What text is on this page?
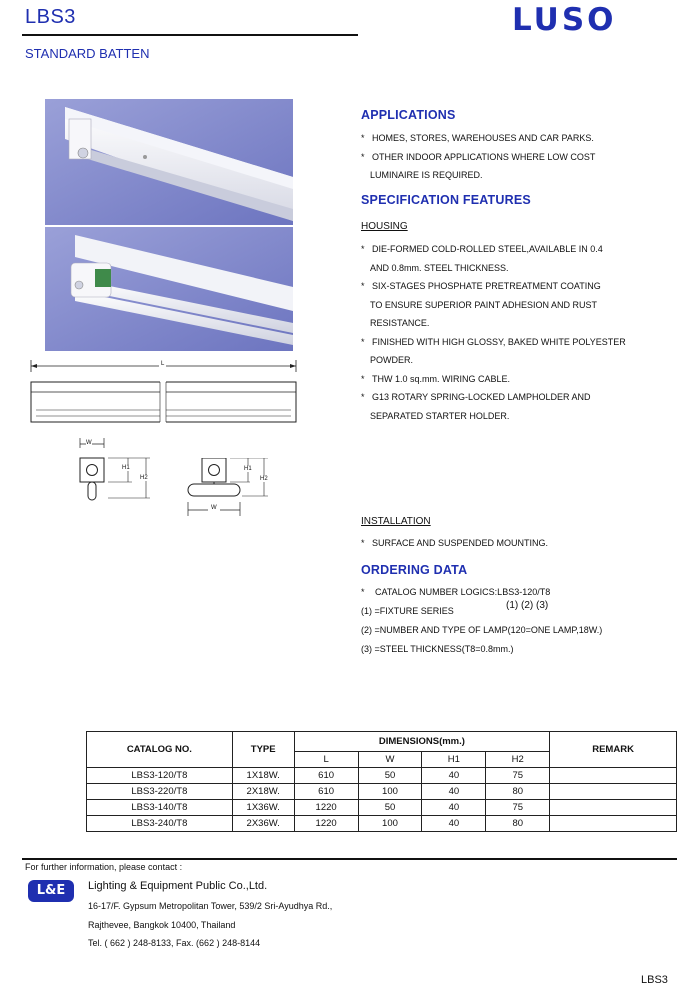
LBS3	LUSO
STANDARD BATTEN
L
W
H1
H2
W
H1
H2
APPLICATIONS
* HOMES, STORES, WAREHOUSES AND CAR PARKS.
* OTHER INDOOR APPLICATIONS WHERE LOW COST
LUMINAIRE IS REQUIRED.
SPECIFICATION FEATURES
HOUSING
* DIE-FORMED COLD-ROLLED STEEL,AVAILABLE IN 0.4
AND 0.8mm. STEEL THICKNESS.
* SIX-STAGES PHOSPHATE PRETREATMENT COATING
TO ENSURE SUPERIOR PAINT ADHESION AND RUST
RESISTANCE.
* FINISHED WITH HIGH GLOSSY, BAKED WHITE POLYESTER
POWDER.
* THW 1.0 sq.mm. WIRING CABLE.
* G13 ROTARY SPRING-LOCKED LAMPHOLDER AND
SEPARATED STARTER HOLDER.
INSTALLATION
* SURFACE AND SUSPENDED MOUNTING.
ORDERING DATA
* CATALOG NUMBER LOGICS:LBS3-120/T8
(1) (2) (3)
(1) =FIXTURE SERIES
(2) =NUMBER AND TYPE OF LAMP(120=ONE LAMP,18W.)
(3) =STEEL THICKNESS(T8=0.8mm.)
CATALOG NO.	TYPE	DIMENSIONS(mm.)				REMARK
		L	W	H1	H2	
LBS3-120/T8	1X18W.	610	50	40	75	
LBS3-220/T8	2X18W.	610	100	40	80	
LBS3-140/T8	1X36W.	1220	50	40	75	
LBS3-240/T8	2X36W.	1220	100	40	80	
For further information, please contact :
L&E	Lighting & Equipment Public Co.,Ltd.
16-17/F. Gypsum Metropolitan Tower, 539/2 Sri-Ayudhya Rd.,
Rajthevee, Bangkok 10400, Thailand
Tel. ( 662 ) 248-8133, Fax. (662 ) 248-8144
LBS3
